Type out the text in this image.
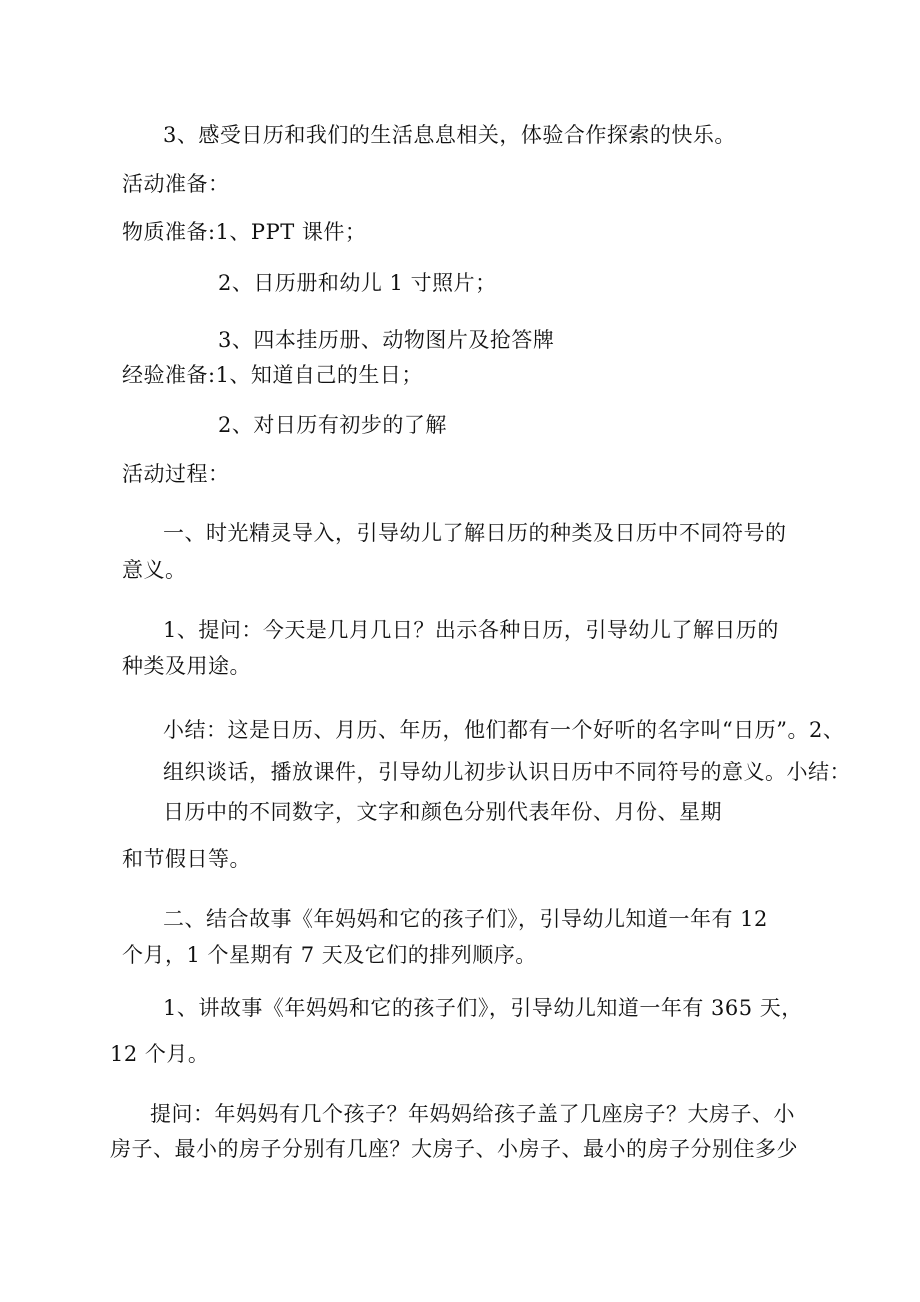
3、感受日历和我们的生活息息相关，体验合作探索的快乐。
活动准备：
物质准备:1、PPT 课件；
2、日历册和幼儿 1 寸照片；
3、四本挂历册、动物图片及抢答牌
经验准备:1、知道自己的生日；
2、对日历有初步的了解
活动过程：
一、时光精灵导入，引导幼儿了解日历的种类及日历中不同符号的
意义。
1、提问：今天是几月几日？出示各种日历，引导幼儿了解日历的
种类及用途。
小结：这是日历、月历、年历，他们都有一个好听的名字叫“日历”。2、
组织谈话，播放课件，引导幼儿初步认识日历中不同符号的意义。小结：
日历中的不同数字，文字和颜色分别代表年份、月份、星期
和节假日等。
二、结合故事《年妈妈和它的孩子们》，引导幼儿知道一年有 12
个月，1 个星期有 7 天及它们的排列顺序。
1、讲故事《年妈妈和它的孩子们》，引导幼儿知道一年有 365 天，
12 个月。
提问：年妈妈有几个孩子？年妈妈给孩子盖了几座房子？大房子、小
房子、最小的房子分别有几座？大房子、小房子、最小的房子分别住多少
